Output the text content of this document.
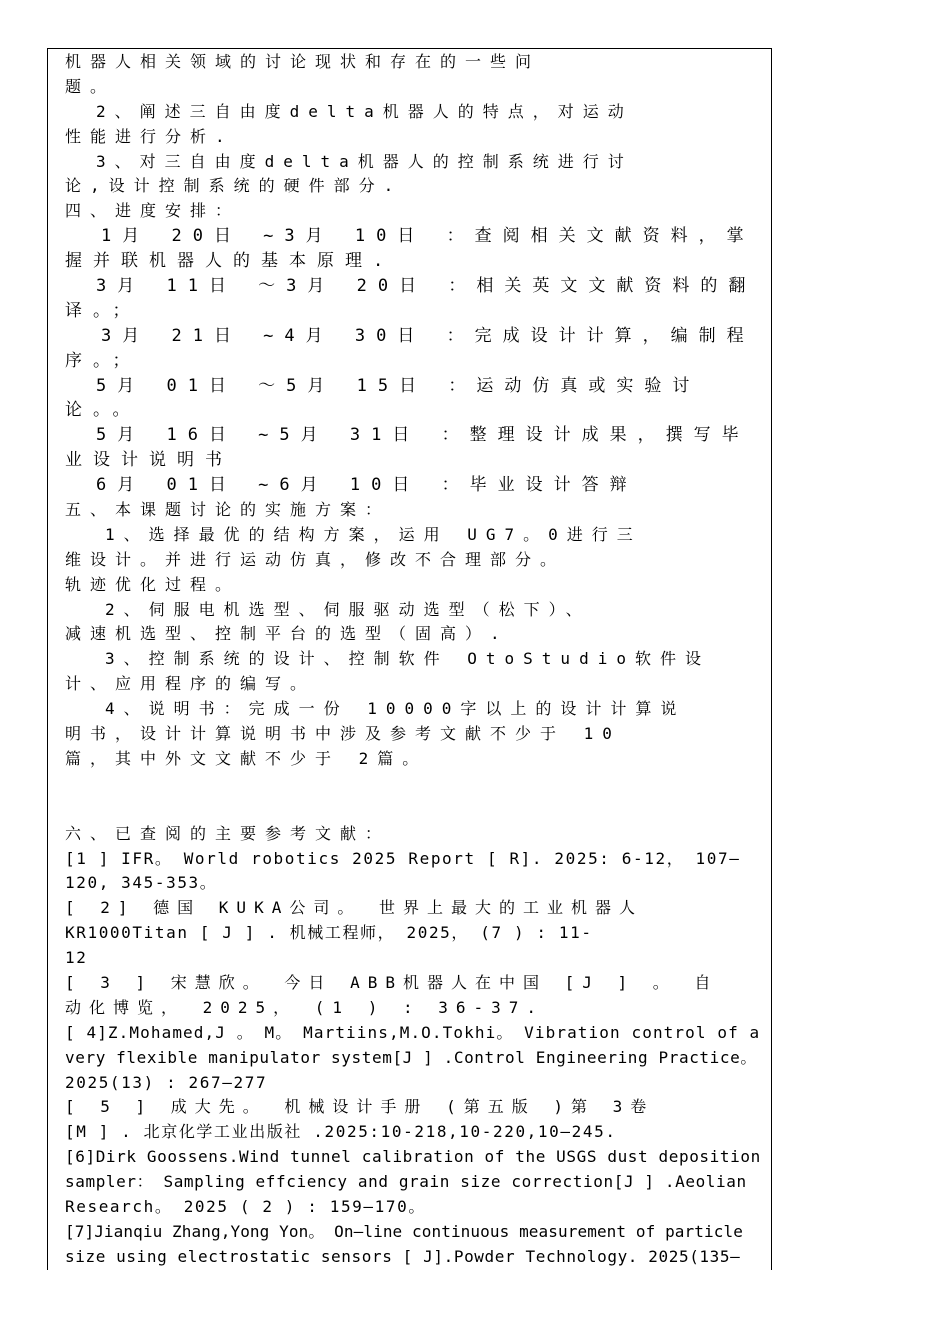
机器人相关领域的讨论现状和存在的一些问
题。
2、阐述三自由度delta机器人的特点，对运动
性能进行分析.
3、对三自由度delta机器人的控制系统进行讨
论,设计控制系统的硬件部分.
四、进度安排：
1月 20日 ~3月 10日 ：查阅相关文献资料，掌
握并联机器人的基本原理.
3月 11日 ～3月 20日 ：相关英文文献资料的翻
译。；
3月 21日 ~4月 30日 ：完成设计计算，编制程
序。；
5月 01日 ～5月 15日 ：运动仿真或实验讨
论。。
5月 16日 ~5月 31日 ：整理设计成果，撰写毕
业设计说明书
6月 01日 ~6月 10日 ：毕业设计答辩
五、本课题讨论的实施方案：
1、选择最优的结构方案，运用 UG7。0进行三
维设计。并进行运动仿真，修改不合理部分。
轨迹优化过程。
2、伺服电机选型、伺服驱动选型（松下）、
减速机选型、控制平台的选型（固高）.
3、控制系统的设计、控制软件 OtoStudio软件设
计、应用程序的编写。
4、说明书：完成一份 10000字以上的设计计算说
明书，设计计算说明书中涉及参考文献不少于 10
篇，其中外文文献不少于 2篇。
六、已查阅的主要参考文献：
[1 ] IFR。 World robotics 2025 Report [ R]. 2025: 6-12， 107—
120, 345-353。
[ 2] 德国 KUKA公司。 世界上最大的工业机器人
KR1000Titan [ J ] . 机械工程师， 2025， (7 ) : 11-
12
[ 3 ] 宋慧欣。 今日 ABB机器人在中国 [J ] 。 自
动化博览， 2025， (1 ) : 36-37.
[ 4]Z.Mohamed,J 。 M。 Martiins,M.O.Tokhi。 Vibration control of a
very flexible manipulator system[J ] .Control Engineering Practice。
2025(13) : 267—277
[ 5 ] 成大先。 机械设计手册 (第五版 )第 3卷
[M ] . 北京化学工业出版社 .2025:10-218,10-220,10—245.
[6]Dirk Goossens.Wind tunnel calibration of the USGS dust deposition
sampler： Sampling effciency and grain size correction[J ] .Aeolian
Research。 2025 ( 2 ) : 159—170。
[7]Jianqiu Zhang,Yong Yon。 On—line continuous measurement of particle
size using electrostatic sensors [ J].Powder Technology. 2025(135—
